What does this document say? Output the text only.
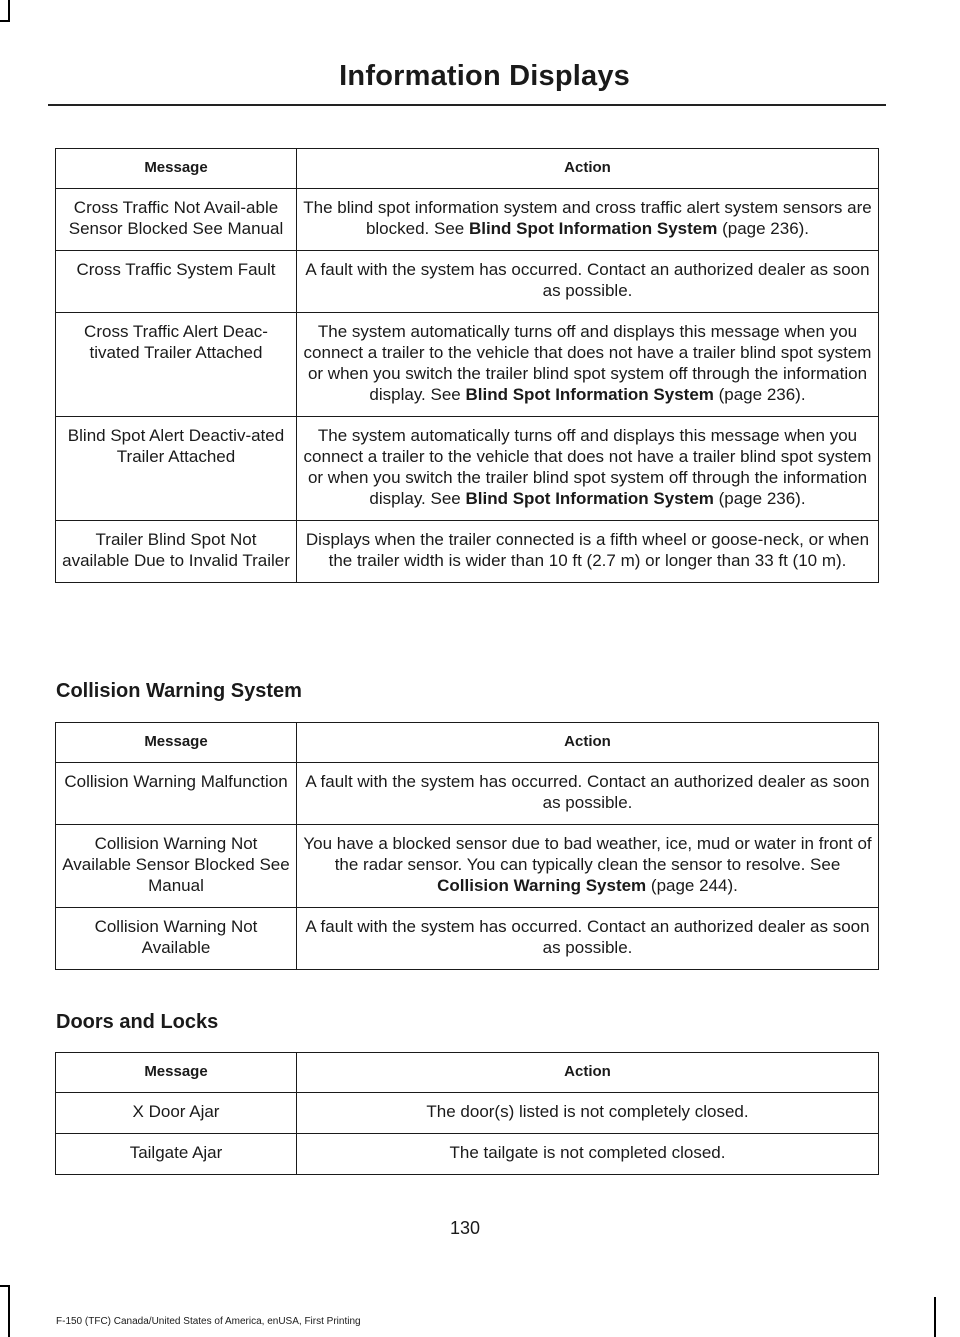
Information Displays
Message	Action
Cross Traffic Not Avail-able Sensor Blocked See Manual	The blind spot information system and cross traffic alert system sensors are blocked. See Blind Spot Information System (page 236).
Cross Traffic System Fault	A fault with the system has occurred. Contact an authorized dealer as soon as possible.
Cross Traffic Alert Deac-tivated Trailer Attached	The system automatically turns off and displays this message when you connect a trailer to the vehicle that does not have a trailer blind spot system or when you switch the trailer blind spot system off through the information display. See Blind Spot Information System (page 236).
Blind Spot Alert Deactiv-ated Trailer Attached	The system automatically turns off and displays this message when you connect a trailer to the vehicle that does not have a trailer blind spot system or when you switch the trailer blind spot system off through the information display. See Blind Spot Information System (page 236).
Trailer Blind Spot Not available Due to Invalid Trailer	Displays when the trailer connected is a fifth wheel or goose-neck, or when the trailer width is wider than 10 ft (2.7 m) or longer than 33 ft (10 m).
Collision Warning System
Message	Action
Collision Warning Malfunction	A fault with the system has occurred. Contact an authorized dealer as soon as possible.
Collision Warning Not Available Sensor Blocked See Manual	You have a blocked sensor due to bad weather, ice, mud or water in front of the radar sensor. You can typically clean the sensor to resolve. See Collision Warning System (page 244).
Collision Warning Not Available	A fault with the system has occurred. Contact an authorized dealer as soon as possible.
Doors and Locks
Message	Action
X Door Ajar	The door(s) listed is not completely closed.
Tailgate Ajar	The tailgate is not completed closed.
130
F-150 (TFC) Canada/United States of America, enUSA, First Printing
